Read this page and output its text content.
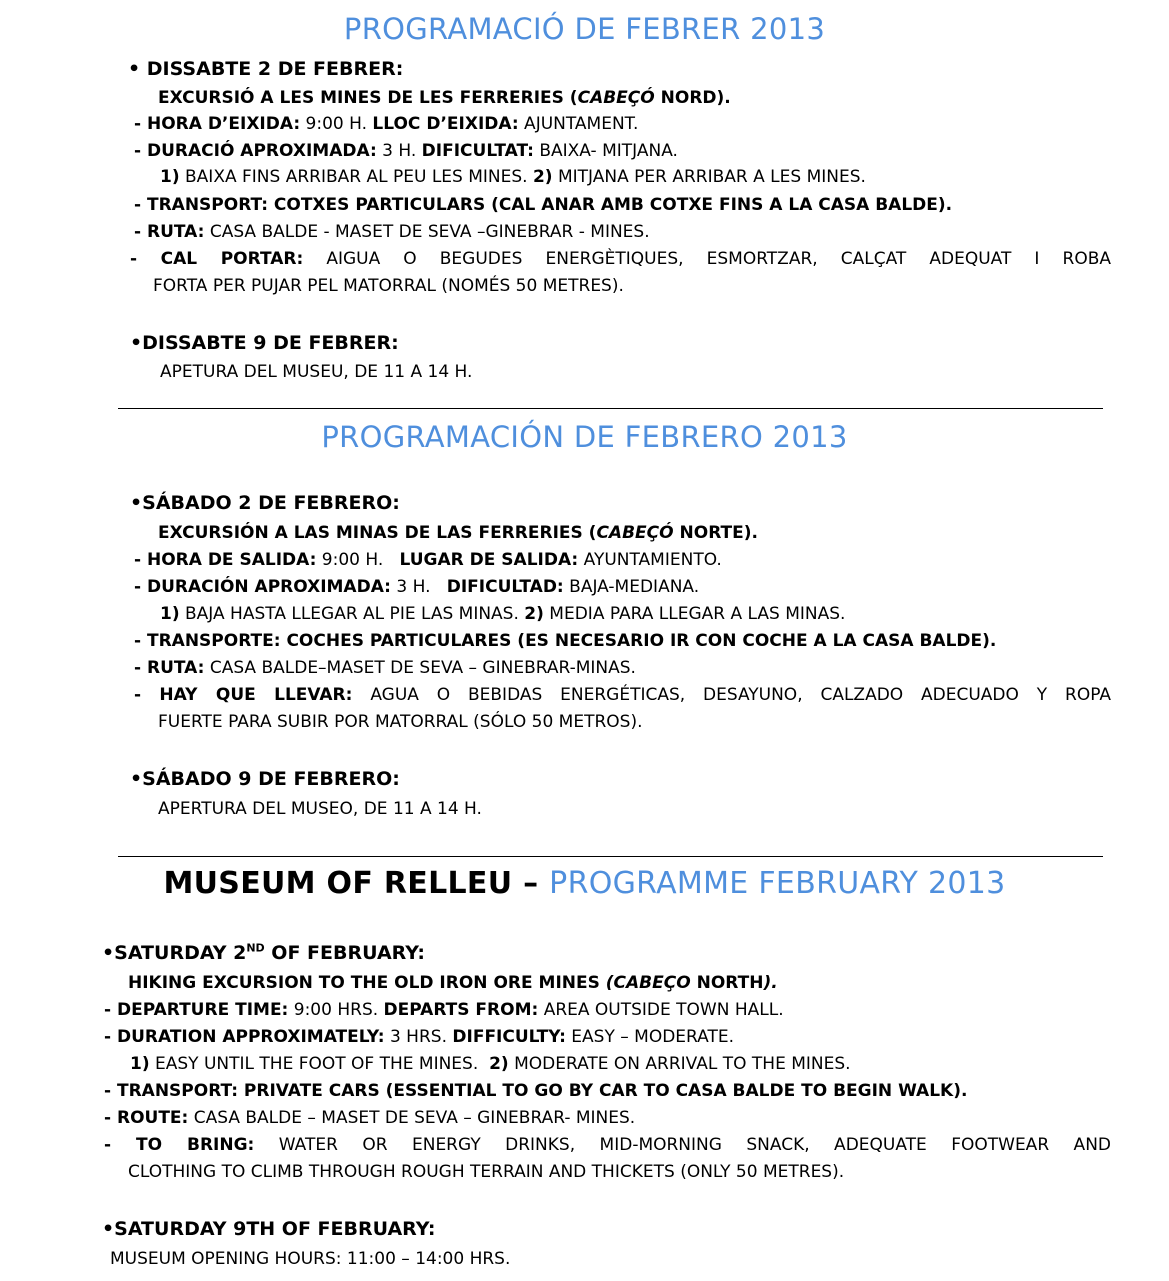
PROGRAMACIÓ DE FEBRER 2013
• DISSABTE 2 DE FEBRER:
EXCURSIÓ A LES MINES DE LES FERRERIES (CABEÇÓ NORD).
- HORA D’EIXIDA: 9:00 H. LLOC D’EIXIDA: AJUNTAMENT.
- DURACIÓ APROXIMADA: 3 H. DIFICULTAT: BAIXA- MITJANA.
1) BAIXA FINS ARRIBAR AL PEU LES MINES. 2) MITJANA PER ARRIBAR A LES MINES.
- TRANSPORT: COTXES PARTICULARS (CAL ANAR AMB COTXE FINS A LA CASA BALDE).
- RUTA: CASA BALDE - MASET DE SEVA –GINEBRAR - MINES.
- CAL PORTAR: AIGUA O BEGUDES ENERGÈTIQUES, ESMORTZAR, CALÇAT ADEQUAT I ROBA
FORTA PER PUJAR PEL MATORRAL (NOMÉS 50 METRES).
•DISSABTE 9 DE FEBRER:
APETURA DEL MUSEU, DE 11 A 14 H.
PROGRAMACIÓN DE FEBRERO 2013
•SÁBADO 2 DE FEBRERO:
EXCURSIÓN A LAS MINAS DE LAS FERRERIES (CABEÇÓ NORTE).
- HORA DE SALIDA: 9:00 H.   LUGAR DE SALIDA: AYUNTAMIENTO.
- DURACIÓN APROXIMADA: 3 H.   DIFICULTAD: BAJA-MEDIANA.
1) BAJA HASTA LLEGAR AL PIE LAS MINAS. 2) MEDIA PARA LLEGAR A LAS MINAS.
- TRANSPORTE: COCHES PARTICULARES (ES NECESARIO IR CON COCHE A LA CASA BALDE).
- RUTA: CASA BALDE–MASET DE SEVA – GINEBRAR-MINAS.
- HAY QUE LLEVAR: AGUA O BEBIDAS ENERGÉTICAS, DESAYUNO, CALZADO ADECUADO Y ROPA
FUERTE PARA SUBIR POR MATORRAL (SÓLO 50 METROS).
•SÁBADO 9 DE FEBRERO:
APERTURA DEL MUSEO, DE 11 A 14 H.
MUSEUM OF RELLEU – PROGRAMME FEBRUARY 2013
•SATURDAY 2ND OF FEBRUARY:
HIKING EXCURSION TO THE OLD IRON ORE MINES (CABEÇO NORTH).
- DEPARTURE TIME: 9:00 HRS. DEPARTS FROM: AREA OUTSIDE TOWN HALL.
- DURATION APPROXIMATELY: 3 HRS. DIFFICULTY: EASY – MODERATE.
1) EASY UNTIL THE FOOT OF THE MINES.  2) MODERATE ON ARRIVAL TO THE MINES.
- TRANSPORT: PRIVATE CARS (ESSENTIAL TO GO BY CAR TO CASA BALDE TO BEGIN WALK).
- ROUTE: CASA BALDE – MASET DE SEVA – GINEBRAR- MINES.
- TO BRING: WATER OR ENERGY DRINKS, MID-MORNING SNACK, ADEQUATE FOOTWEAR AND
CLOTHING TO CLIMB THROUGH ROUGH TERRAIN AND THICKETS (ONLY 50 METRES).
•SATURDAY 9TH OF FEBRUARY:
MUSEUM OPENING HOURS: 11:00 – 14:00 HRS.
